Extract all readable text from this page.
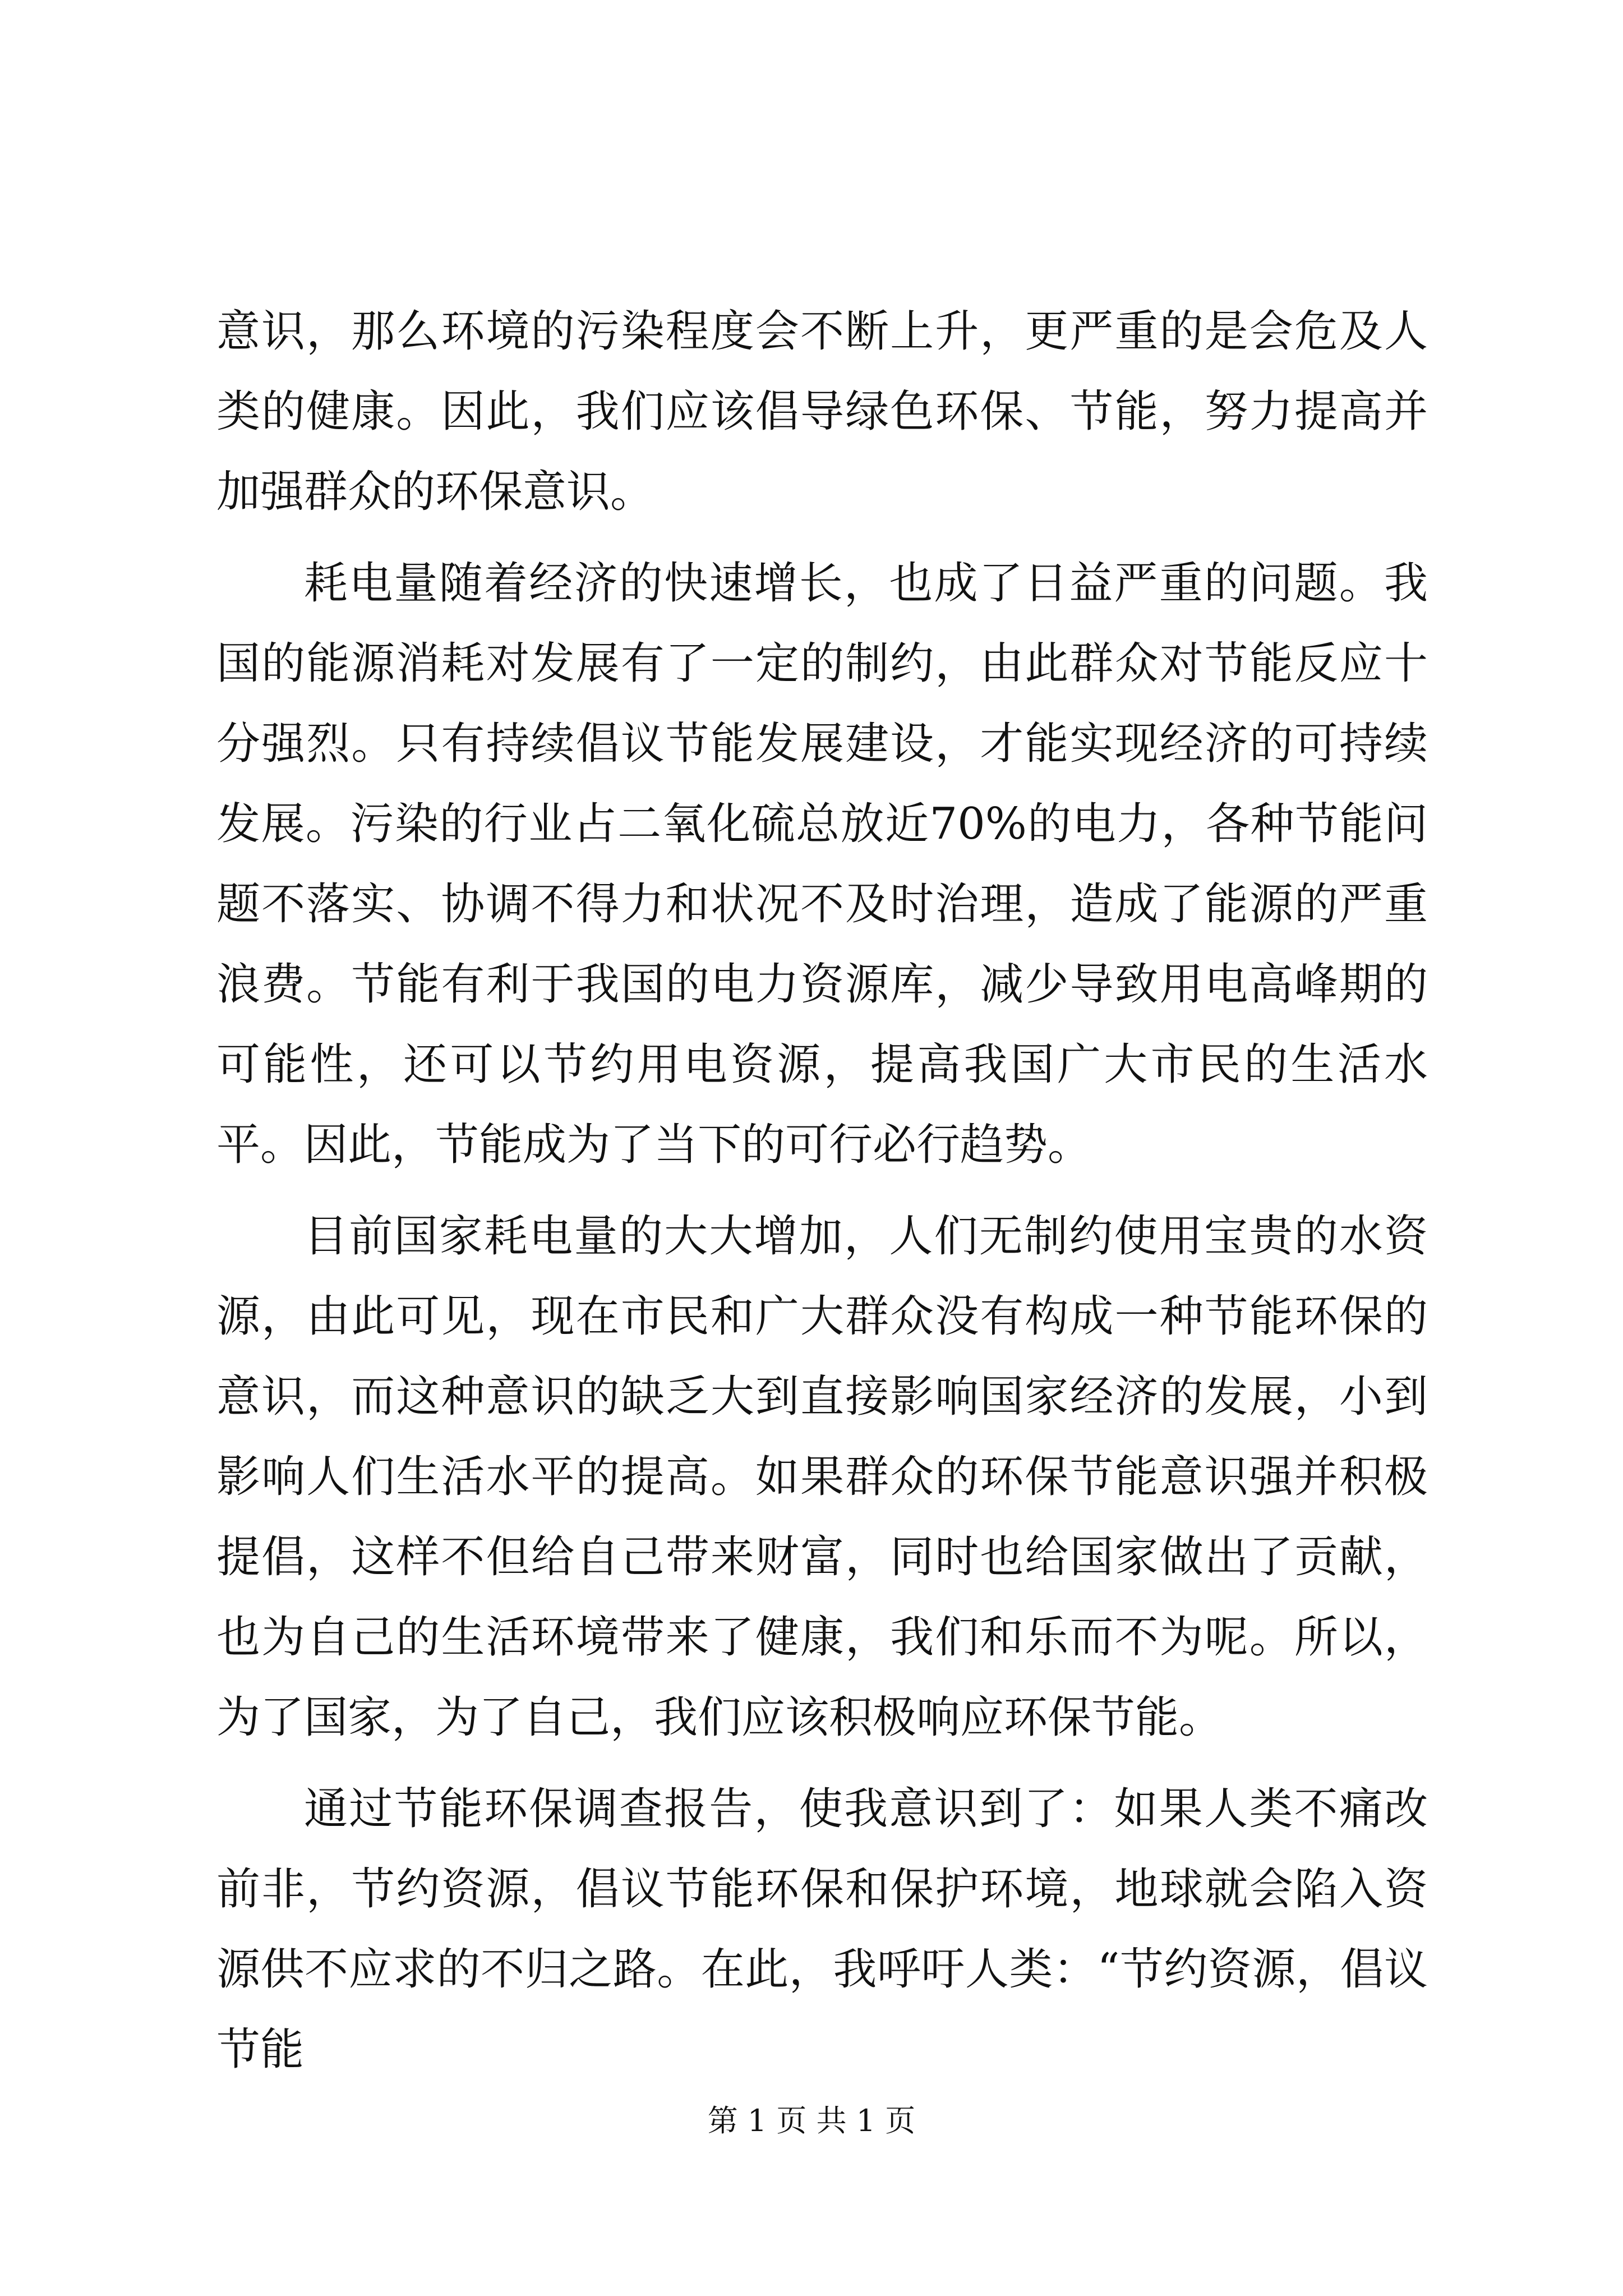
意识，那么环境的污染程度会不断上升，更严重的是会危及人类的健康。因此，我们应该倡导绿色环保、节能，努力提高并加强群众的环保意识。

耗电量随着经济的快速增长，也成了日益严重的问题。我国的能源消耗对发展有了一定的制约，由此群众对节能反应十分强烈。只有持续倡议节能发展建设，才能实现经济的可持续发展。污染的行业占二氧化硫总放近70%的电力，各种节能问题不落实、协调不得力和状况不及时治理，造成了能源的严重浪费。节能有利于我国的电力资源库，减少导致用电高峰期的可能性，还可以节约用电资源，提高我国广大市民的生活水平。因此，节能成为了当下的可行必行趋势。

目前国家耗电量的大大增加，人们无制约使用宝贵的水资源，由此可见，现在市民和广大群众没有构成一种节能环保的意识，而这种意识的缺乏大到直接影响国家经济的发展，小到影响人们生活水平的提高。如果群众的环保节能意识强并积极提倡，这样不但给自己带来财富，同时也给国家做出了贡献，也为自己的生活环境带来了健康，我们和乐而不为呢。所以，为了国家，为了自己，我们应该积极响应环保节能。

通过节能环保调查报告，使我意识到了：如果人类不痛改前非，节约资源，倡议节能环保和保护环境，地球就会陷入资源供不应求的不归之路。在此，我呼吁人类：“节约资源，倡议节能

第 1 页 共 1 页
